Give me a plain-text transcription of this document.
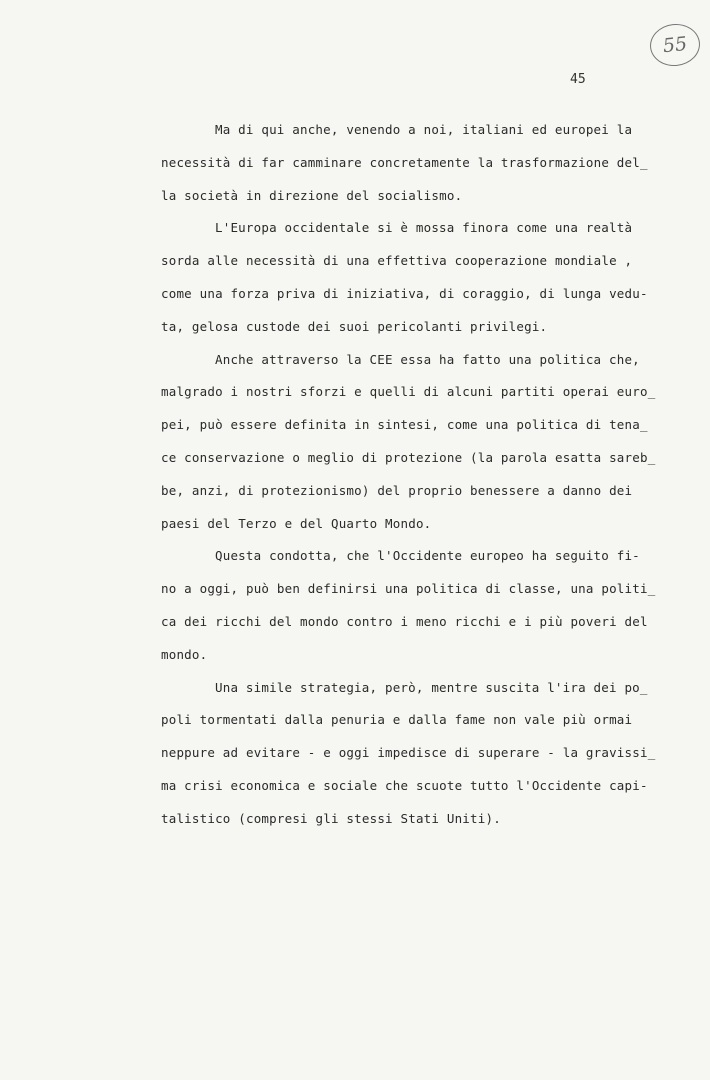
55
45
Ma di qui anche, venendo a noi, italiani ed europei la
necessità di far camminare concretamente la trasformazione del_
la società in direzione del socialismo.
L'Europa occidentale si è mossa finora come una realtà
sorda alle necessità di una effettiva cooperazione mondiale ,
come una forza priva di iniziativa, di coraggio, di lunga vedu-
ta, gelosa custode dei suoi pericolanti privilegi.
Anche attraverso la CEE essa ha fatto una politica che,
malgrado i nostri sforzi e quelli di alcuni partiti operai euro_
pei, può essere definita in sintesi, come una politica di tena_
ce conservazione o meglio di protezione (la parola esatta sareb_
be, anzi, di protezionismo) del proprio benessere a danno dei
paesi del Terzo e del Quarto Mondo.
Questa condotta, che l'Occidente europeo ha seguito fi-
no a oggi, può ben definirsi una politica di classe, una politi_
ca dei ricchi del mondo contro i meno ricchi e i più poveri del
mondo.
Una simile strategia, però, mentre suscita l'ira dei po_
poli tormentati dalla penuria e dalla fame non vale più ormai
neppure ad evitare - e oggi impedisce di superare - la gravissi_
ma crisi economica e sociale che scuote tutto l'Occidente capi-
talistico (compresi gli stessi Stati Uniti).
